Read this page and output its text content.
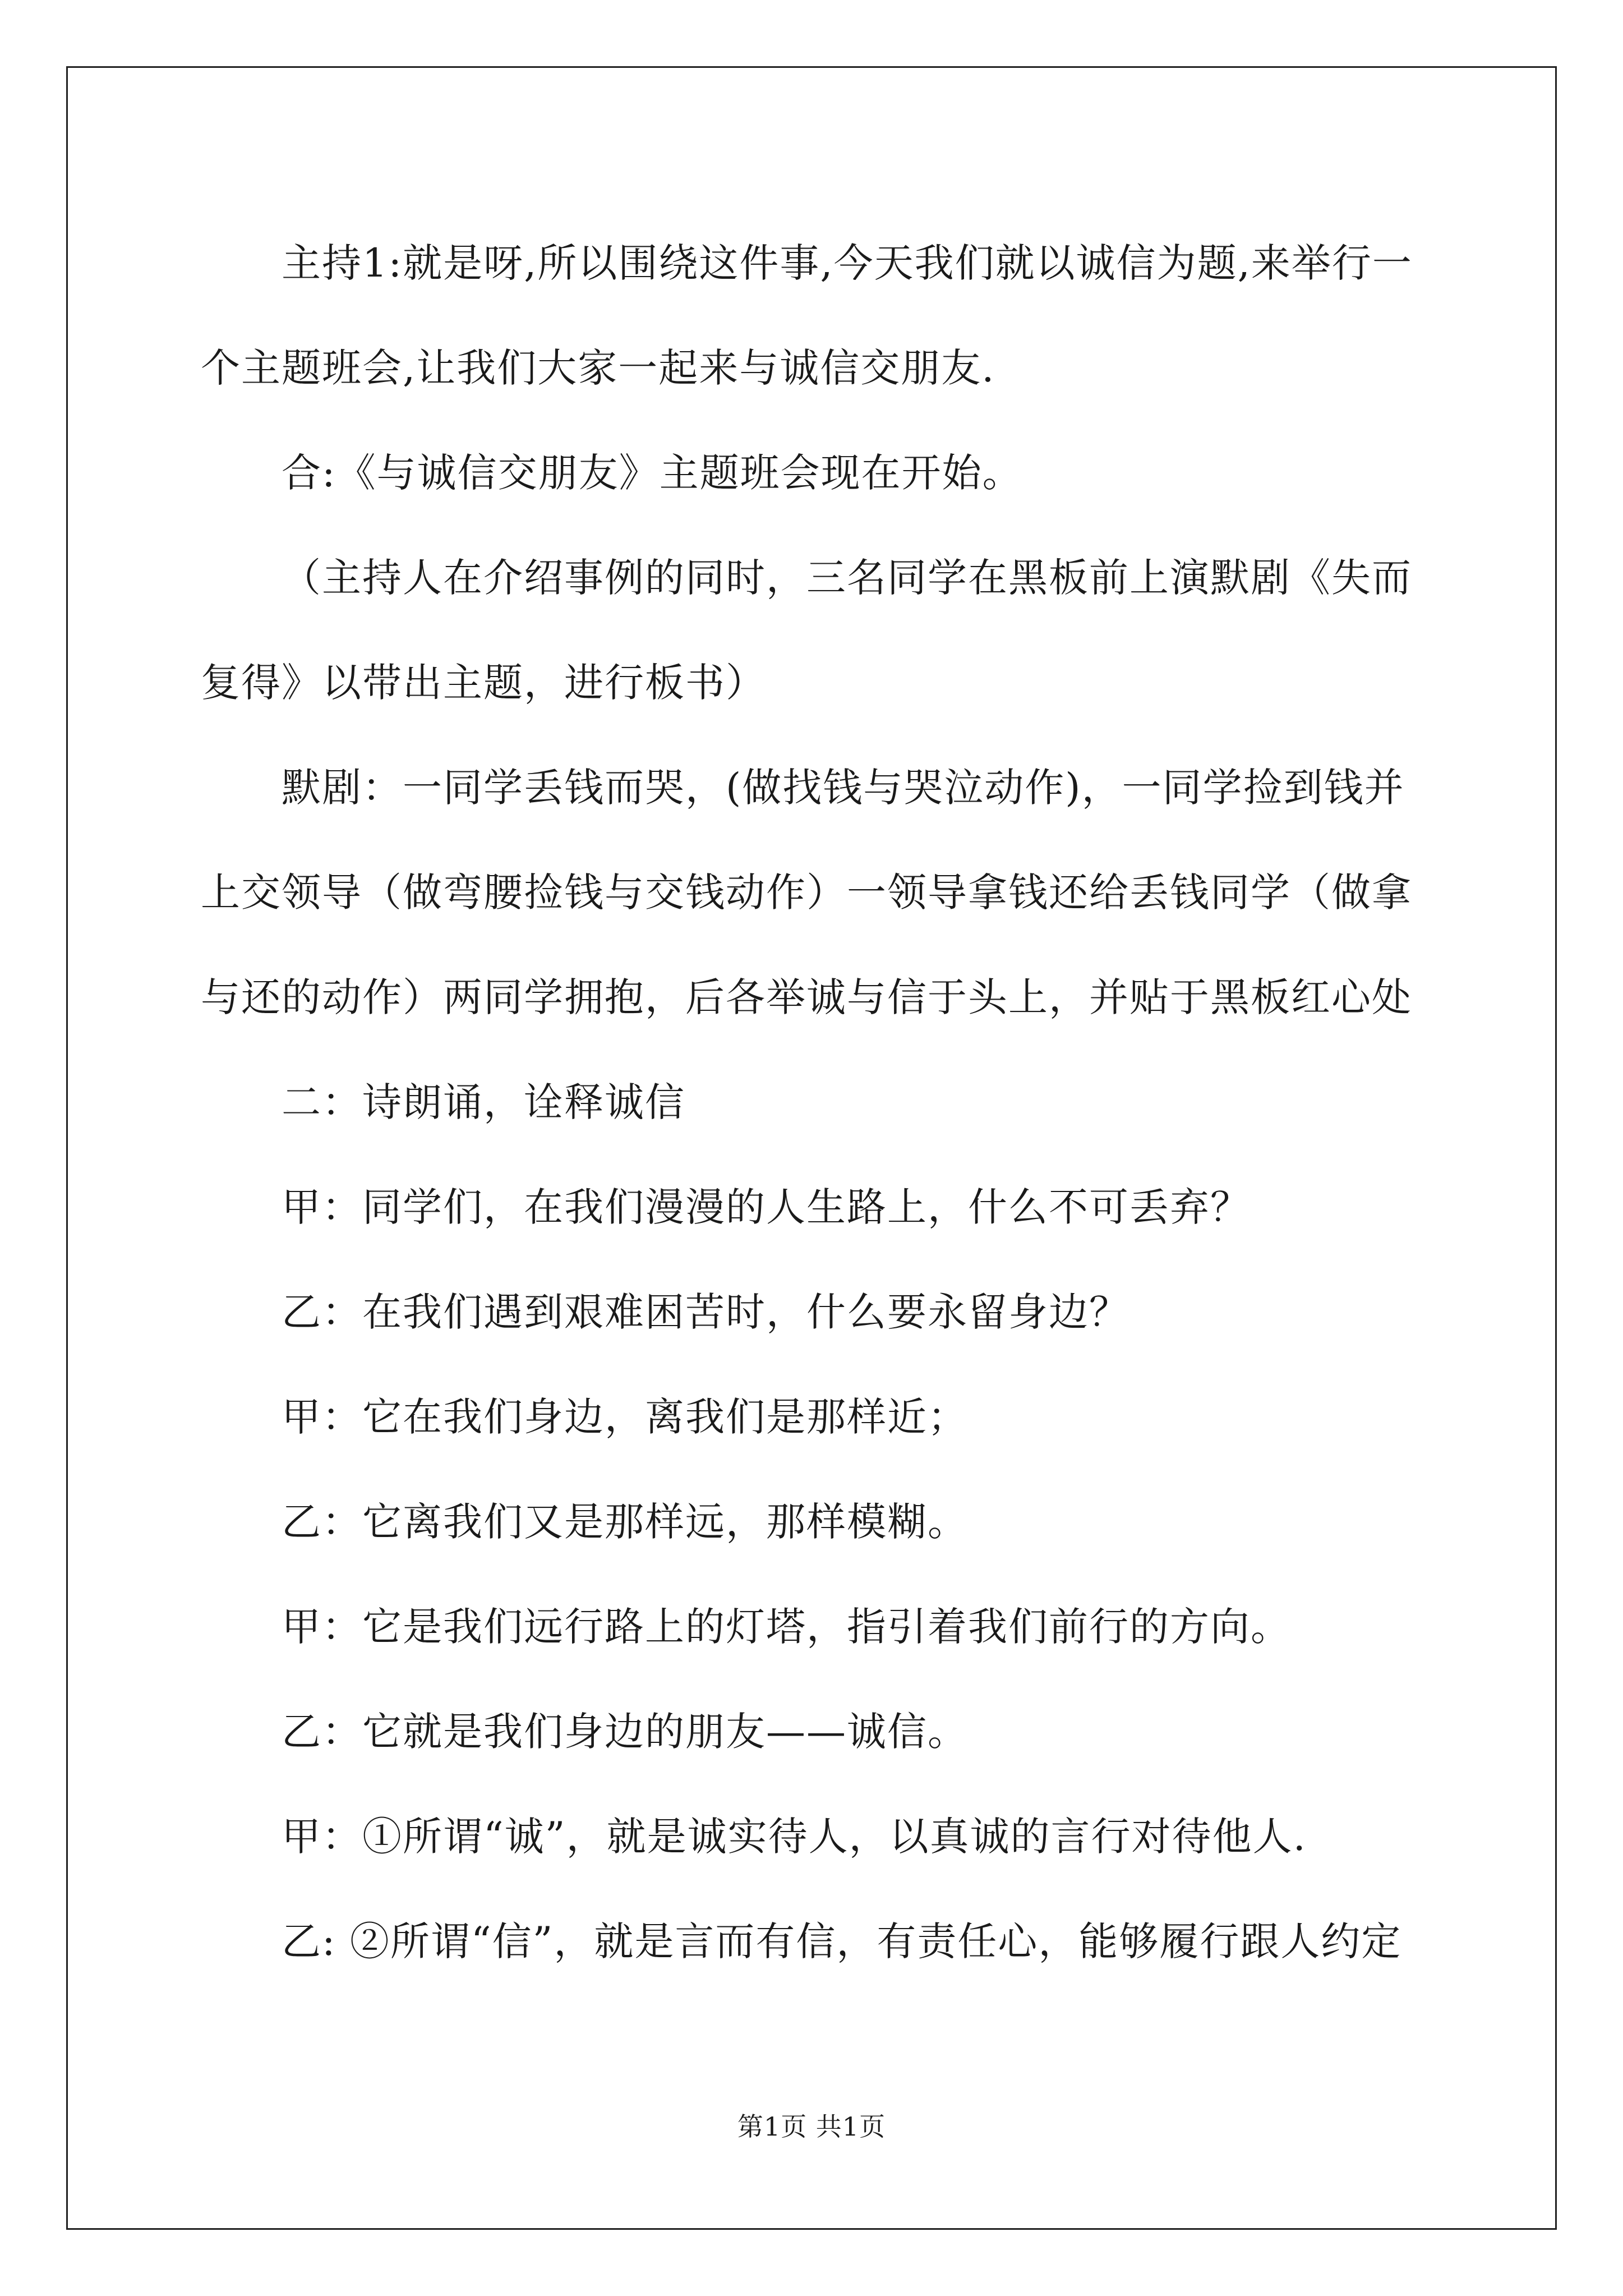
主持1:就是呀,所以围绕这件事,今天我们就以诚信为题,来举行一个主题班会,让我们大家一起来与诚信交朋友.

合:《与诚信交朋友》主题班会现在开始。

（主持人在介绍事例的同时，三名同学在黑板前上演默剧《失而复得》以带出主题，进行板书）

默剧：一同学丢钱而哭，(做找钱与哭泣动作)，一同学捡到钱并上交领导（做弯腰捡钱与交钱动作）一领导拿钱还给丢钱同学（做拿与还的动作）两同学拥抱，后各举诚与信于头上，并贴于黑板红心处

二：诗朗诵，诠释诚信

甲：同学们，在我们漫漫的人生路上，什么不可丢弃？

乙：在我们遇到艰难困苦时，什么要永留身边？

甲：它在我们身边，离我们是那样近；

乙：它离我们又是那样远，那样模糊。

甲：它是我们远行路上的灯塔，指引着我们前行的方向。

乙：它就是我们身边的朋友——诚信。

甲：①所谓“诚”，就是诚实待人，以真诚的言行对待他人.

乙: ②所谓“信”，就是言而有信，有责任心，能够履行跟人约定

第1页 共1页
